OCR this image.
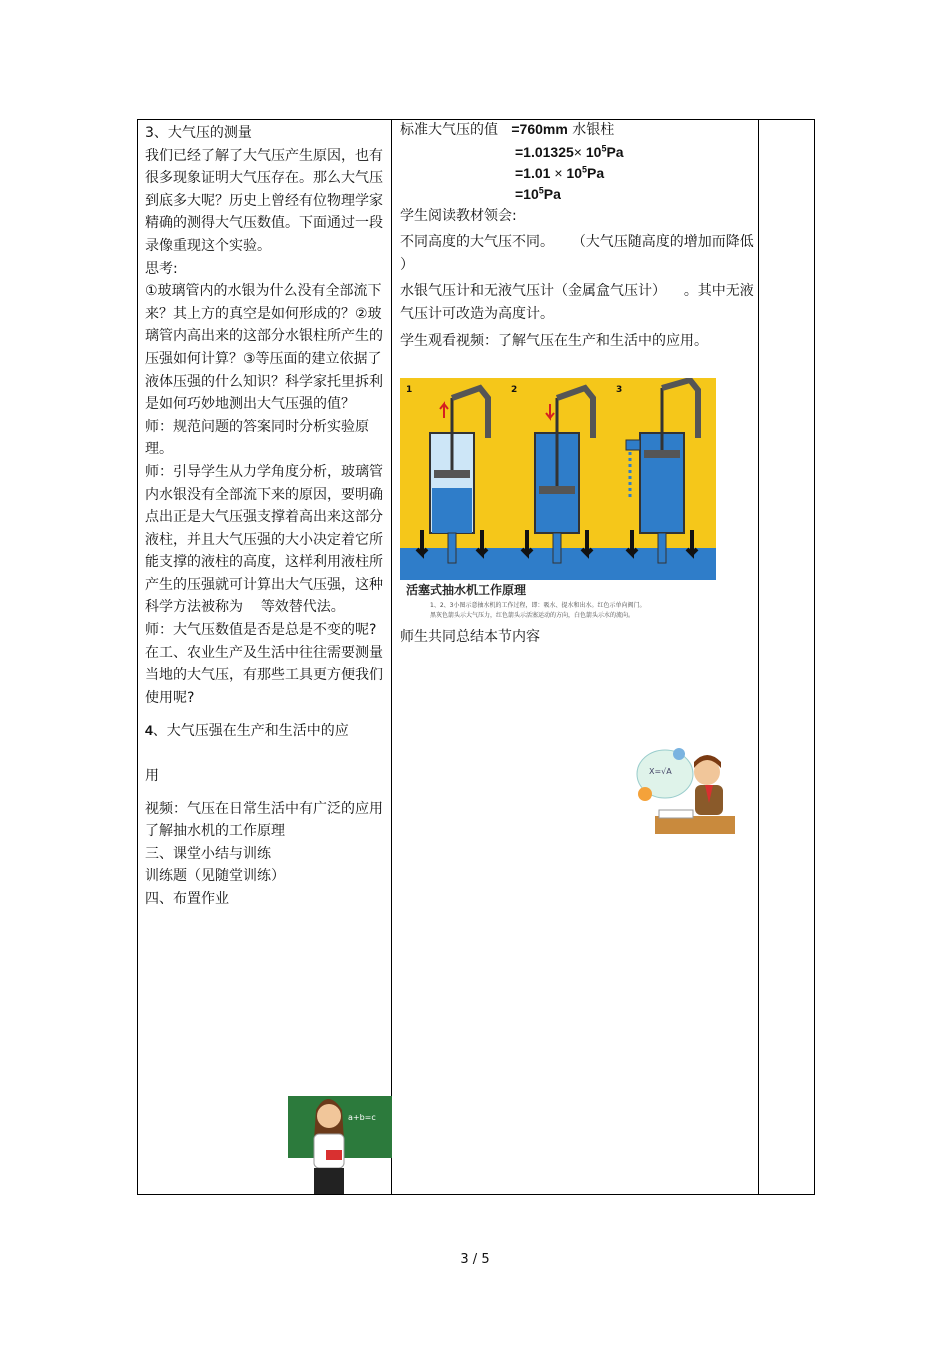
3、大气压的测量

我们已经了解了大气压产生原因，也有很多现象证明大气压存在。那么大气压到底多大呢？历史上曾经有位物理学家精确的测得大气压数值。下面通过一段录像重现这个实验。

思考:

①玻璃管内的水银为什么没有全部流下来？其上方的真空是如何形成的？②玻璃管内高出来的这部分水银柱所产生的压强如何计算？③等压面的建立依据了液体压强的什么知识？科学家托里拆利是如何巧妙地测出大气压强的值？

师：规范问题的答案同时分析实验原理。

师：引导学生从力学角度分析，玻璃管内水银没有全部流下来的原因，要明确点出正是大气压强支撑着高出来这部分液柱，并且大气压强的大小决定着它所能支撑的液柱的高度，这样利用液柱所产生的压强就可计算出大气压强，这种科学方法被称为 等效替代法。

师：大气压数值是否是总是不变的呢?

在工、农业生产及生活中往往需要测量当地的大气压，有那些工具更方便我们使用呢?

4、大气压强在生产和生活中的应

用

视频：气压在日常生活中有广泛的应用

了解抽水机的工作原理

三、课堂小结与训练

训练题（见随堂训练）

四、布置作业

标准大气压的值 =760mm 水银柱

$=1.01325\times 10^5Pa$

$=1.01 \times 10^5Pa$

$=10^5Pa$

学生阅读教材领会:

不同高度的大气压不同。 （大气压随高度的增加而降低 ）

水银气压计和无液气压计（金属盒气压计） 。其中无液气压计可改造为高度计。

学生观看视频：了解气压在生产和生活中的应用。

师生共同总结本节内容

1	2	3
活塞式抽水机工作原理
1、2、3小图示意抽水机的工作过程，即：吸水、提水和出水。红色示单向阀门。
黑灰色箭头示大气压力，红色箭头示活塞运动的方向，白色箭头示水的流向。
X=√A
a+b=c
3 / 5
